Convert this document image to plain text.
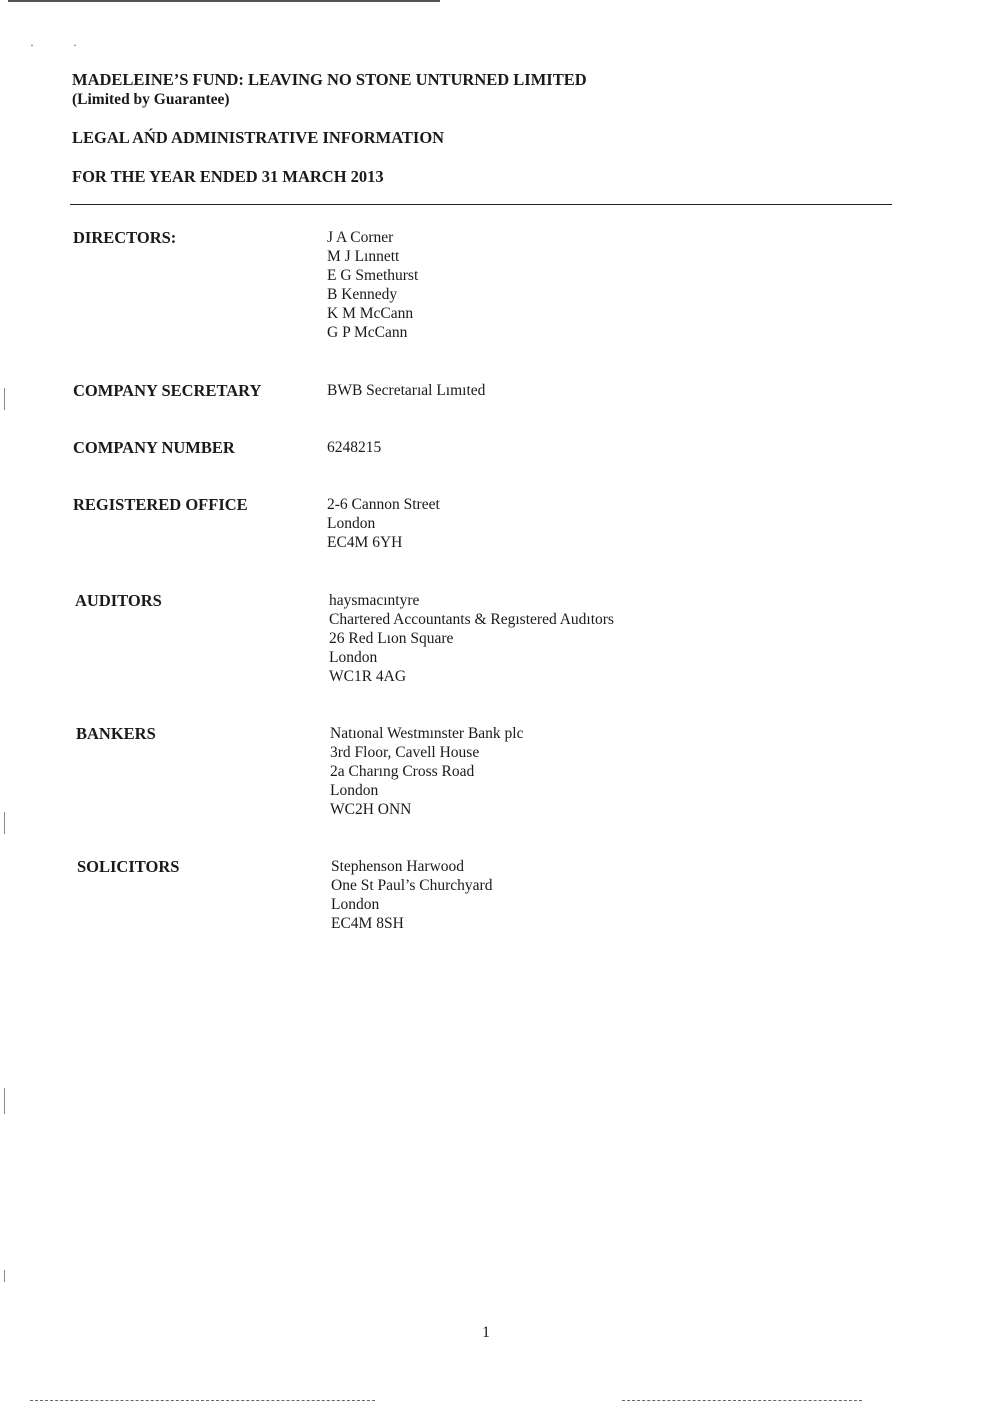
· ·

MADELEINE’S FUND: LEAVING NO STONE UNTURNED LIMITED

(Limited by Guarantee)

LEGAL AŃD ADMINISTRATIVE INFORMATION
FOR THE YEAR ENDED 31 MARCH 2013
DIRECTORS:	J A Corner
M J Lınnett
E G Smethurst
B Kennedy
K M McCann
G P McCann
COMPANY SECRETARY	BWB Secretarıal Lımıted
COMPANY NUMBER	6248215
REGISTERED OFFICE	2-6 Cannon Street
London
EC4M 6YH
AUDITORS	haysmacıntyre
Chartered Accountants & Regıstered Audıtors
26 Red Lıon Square
London
WC1R 4AG
BANKERS	Natıonal Westmınster Bank plc
3rd Floor, Cavell House
2a Charıng Cross Road
London
WC2H ONN
SOLICITORS	Stephenson Harwood
One St Paul’s Churchyard
London
EC4M 8SH
1
